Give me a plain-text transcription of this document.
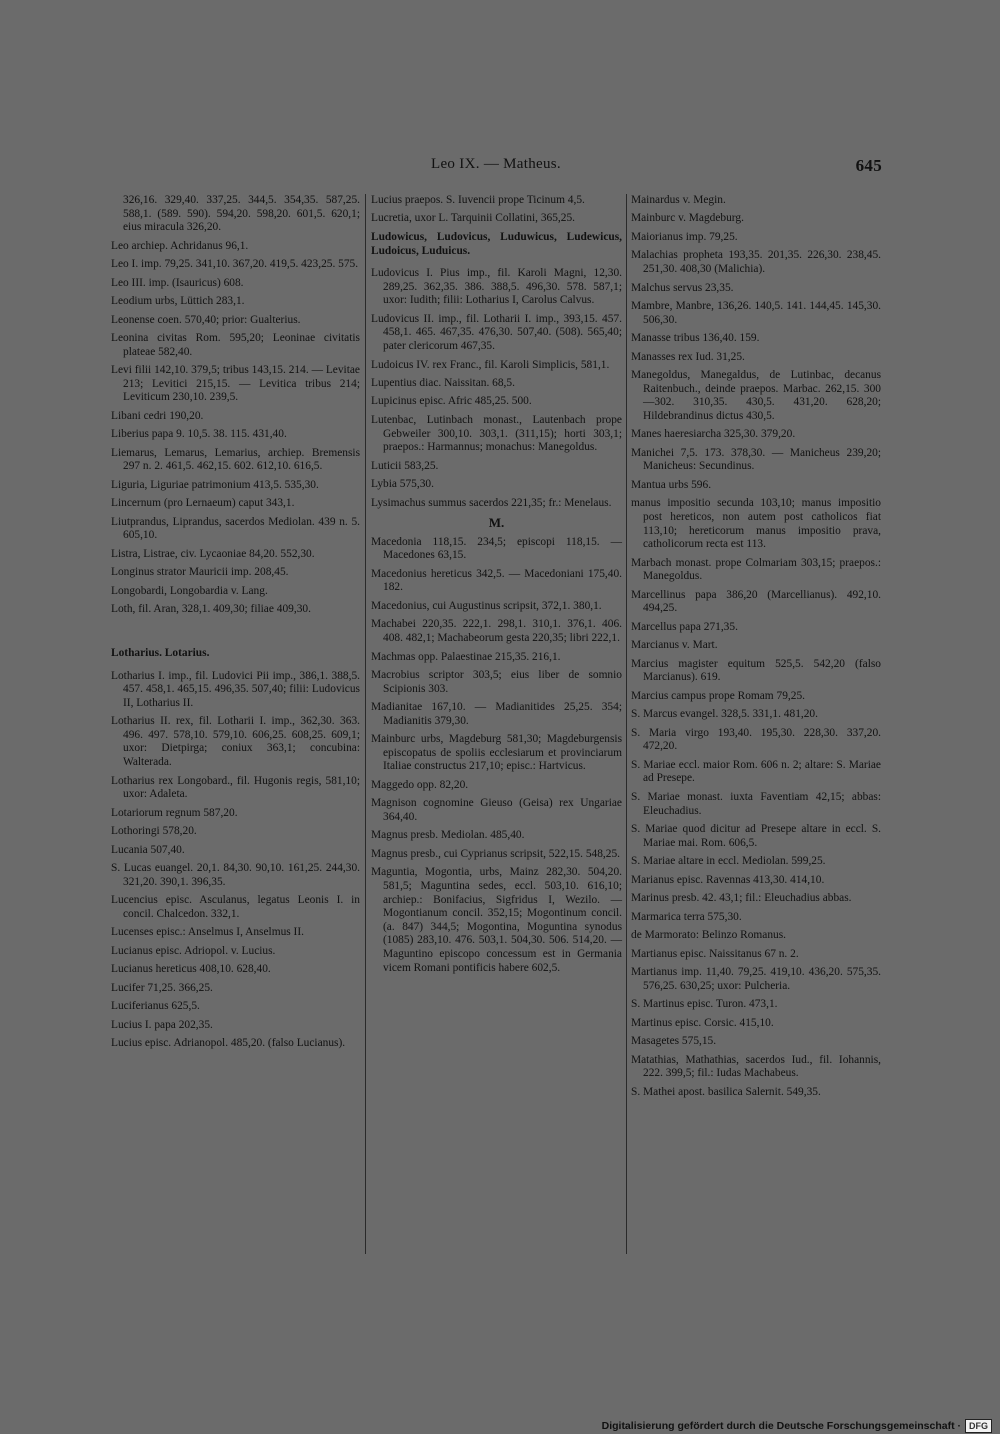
Leo IX. — Matheus.	645
326,16. 329,40. 337,25. 344,5. 354,35. 587,25. 588,1. (589. 590). 594,20. 598,20. 601,5. 620,1; eius miracula 326,20.
Leo archiep. Achridanus 96,1.
Leo I. imp. 79,25. 341,10. 367,20. 419,5. 423,25. 575.
Leo III. imp. (Isauricus) 608.
Leodium urbs, Lüttich 283,1.
Leonense coen. 570,40; prior: Gualterius.
Leonina civitas Rom. 595,20; Leoninae civitatis plateae 582,40.
Levi filii 142,10. 379,5; tribus 143,15. 214. — Levitae 213; Levitici 215,15. — Levitica tribus 214; Leviticum 230,10. 239,5.
Libani cedri 190,20.
Liberius papa 9. 10,5. 38. 115. 431,40.
Liemarus, Lemarus, Lemarius, archiep. Bremensis 297 n. 2. 461,5. 462,15. 602. 612,10. 616,5.
Liguria, Liguriae patrimonium 413,5. 535,30.
Lincernum (pro Lernaeum) caput 343,1.
Liutprandus, Liprandus, sacerdos Mediolan. 439 n. 5. 605,10.
Listra, Listrae, civ. Lycaoniae 84,20. 552,30.
Longinus strator Mauricii imp. 208,45.
Longobardi, Longobardia v. Lang.
Loth, fil. Aran, 328,1. 409,30; filiae 409,30.
Lotharius. Lotarius.
Lotharius I. imp., fil. Ludovici Pii imp., 386,1. 388,5. 457. 458,1. 465,15. 496,35. 507,40; filii: Ludovicus II, Lotharius II.
Lotharius II. rex, fil. Lotharii I. imp., 362,30. 363. 496. 497. 578,10. 579,10. 606,25. 608,25. 609,1; uxor: Dietpirga; coniux 363,1; concubina: Walterada.
Lotharius rex Longobard., fil. Hugonis regis, 581,10; uxor: Adaleta.
Lotariorum regnum 587,20.
Lothoringi 578,20.
Lucania 507,40.
S. Lucas euangel. 20,1. 84,30. 90,10. 161,25. 244,30. 321,20. 390,1. 396,35.
Lucencius episc. Asculanus, legatus Leonis I. in concil. Chalcedon. 332,1.
Lucenses episc.: Anselmus I, Anselmus II.
Lucianus episc. Adriopol. v. Lucius.
Lucianus hereticus 408,10. 628,40.
Lucifer 71,25. 366,25.
Luciferianus 625,5.
Lucius I. papa 202,35.
Lucius episc. Adrianopol. 485,20. (falso Lucianus).
Lucius praepos. S. Iuvencii prope Ticinum 4,5.
Lucretia, uxor L. Tarquinii Collatini, 365,25.
Ludowicus, Ludovicus, Luduwicus, Ludewicus, Ludoicus, Luduicus.
Ludovicus I. Pius imp., fil. Karoli Magni, 12,30. 289,25. 362,35. 386. 388,5. 496,30. 578. 587,1; uxor: Iudith; filii: Lotharius I, Carolus Calvus.
Ludovicus II. imp., fil. Lotharii I. imp., 393,15. 457. 458,1. 465. 467,35. 476,30. 507,40. (508). 565,40; pater clericorum 467,35.
Ludoicus IV. rex Franc., fil. Karoli Simplicis, 581,1.
Lupentius diac. Naissitan. 68,5.
Lupicinus episc. Afric 485,25. 500.
Lutenbac, Lutinbach monast., Lautenbach prope Gebweiler 300,10. 303,1. (311,15); horti 303,1; praepos.: Harmannus; monachus: Manegoldus.
Luticii 583,25.
Lybia 575,30.
Lysimachus summus sacerdos 221,35; fr.: Menelaus.
M.
Macedonia 118,15. 234,5; episcopi 118,15. — Macedones 63,15.
Macedonius hereticus 342,5. — Macedoniani 175,40. 182.
Macedonius, cui Augustinus scripsit, 372,1. 380,1.
Machabei 220,35. 222,1. 298,1. 310,1. 376,1. 406. 408. 482,1; Machabeorum gesta 220,35; libri 222,1.
Machmas opp. Palaestinae 215,35. 216,1.
Macrobius scriptor 303,5; eius liber de somnio Scipionis 303.
Madianitae 167,10. — Madianitides 25,25. 354; Madianitis 379,30.
Mainburc urbs, Magdeburg 581,30; Magdeburgensis episcopatus de spoliis ecclesiarum et provinciarum Italiae constructus 217,10; episc.: Hartvicus.
Maggedo opp. 82,20.
Magnison cognomine Gieuso (Geisa) rex Ungariae 364,40.
Magnus presb. Mediolan. 485,40.
Magnus presb., cui Cyprianus scripsit, 522,15. 548,25.
Maguntia, Mogontia, urbs, Mainz 282,30. 504,20. 581,5; Maguntina sedes, eccl. 503,10. 616,10; archiep.: Bonifacius, Sigfridus I, Wezilo. — Mogontianum concil. 352,15; Mogontinum concil. (a. 847) 344,5; Mogontina, Moguntina synodus (1085) 283,10. 476. 503,1. 504,30. 506. 514,20. — Maguntino episcopo concessum est in Germania vicem Romani pontificis habere 602,5.
Mainardus v. Megin.
Mainburc v. Magdeburg.
Maiorianus imp. 79,25.
Malachias propheta 193,35. 201,35. 226,30. 238,45. 251,30. 408,30 (Malichia).
Malchus servus 23,35.
Mambre, Manbre, 136,26. 140,5. 141. 144,45. 145,30. 506,30.
Manasse tribus 136,40. 159.
Manasses rex Iud. 31,25.
Manegoldus, Manegaldus, de Lutinbac, decanus Raitenbuch., deinde praepos. Marbac. 262,15. 300—302. 310,35. 430,5. 431,20. 628,20; Hildebrandinus dictus 430,5.
Manes haeresiarcha 325,30. 379,20.
Manichei 7,5. 173. 378,30. — Manicheus 239,20; Manicheus: Secundinus.
Mantua urbs 596.
manus impositio secunda 103,10; manus impositio post hereticos, non autem post catholicos fiat 113,10; hereticorum manus impositio prava, catholicorum recta est 113.
Marbach monast. prope Colmariam 303,15; praepos.: Manegoldus.
Marcellinus papa 386,20 (Marcellianus). 492,10. 494,25.
Marcellus papa 271,35.
Marcianus v. Mart.
Marcius magister equitum 525,5. 542,20 (falso Marcianus). 619.
Marcius campus prope Romam 79,25.
S. Marcus evangel. 328,5. 331,1. 481,20.
S. Maria virgo 193,40. 195,30. 228,30. 337,20. 472,20.
S. Mariae eccl. maior Rom. 606 n. 2; altare: S. Mariae ad Presepe.
S. Mariae monast. iuxta Faventiam 42,15; abbas: Eleuchadius.
S. Mariae quod dicitur ad Presepe altare in eccl. S. Mariae mai. Rom. 606,5.
S. Mariae altare in eccl. Mediolan. 599,25.
Marianus episc. Ravennas 413,30. 414,10.
Marinus presb. 42. 43,1; fil.: Eleuchadius abbas.
Marmarica terra 575,30.
de Marmorato: Belinzo Romanus.
Martianus episc. Naissitanus 67 n. 2.
Martianus imp. 11,40. 79,25. 419,10. 436,20. 575,35. 576,25. 630,25; uxor: Pulcheria.
S. Martinus episc. Turon. 473,1.
Martinus episc. Corsic. 415,10.
Masagetes 575,15.
Matathias, Mathathias, sacerdos Iud., fil. Iohannis, 222. 399,5; fil.: Iudas Machabeus.
S. Mathei apost. basilica Salernit. 549,35.
Digitalisierung gefördert durch die Deutsche Forschungsgemeinschaft · DFG
